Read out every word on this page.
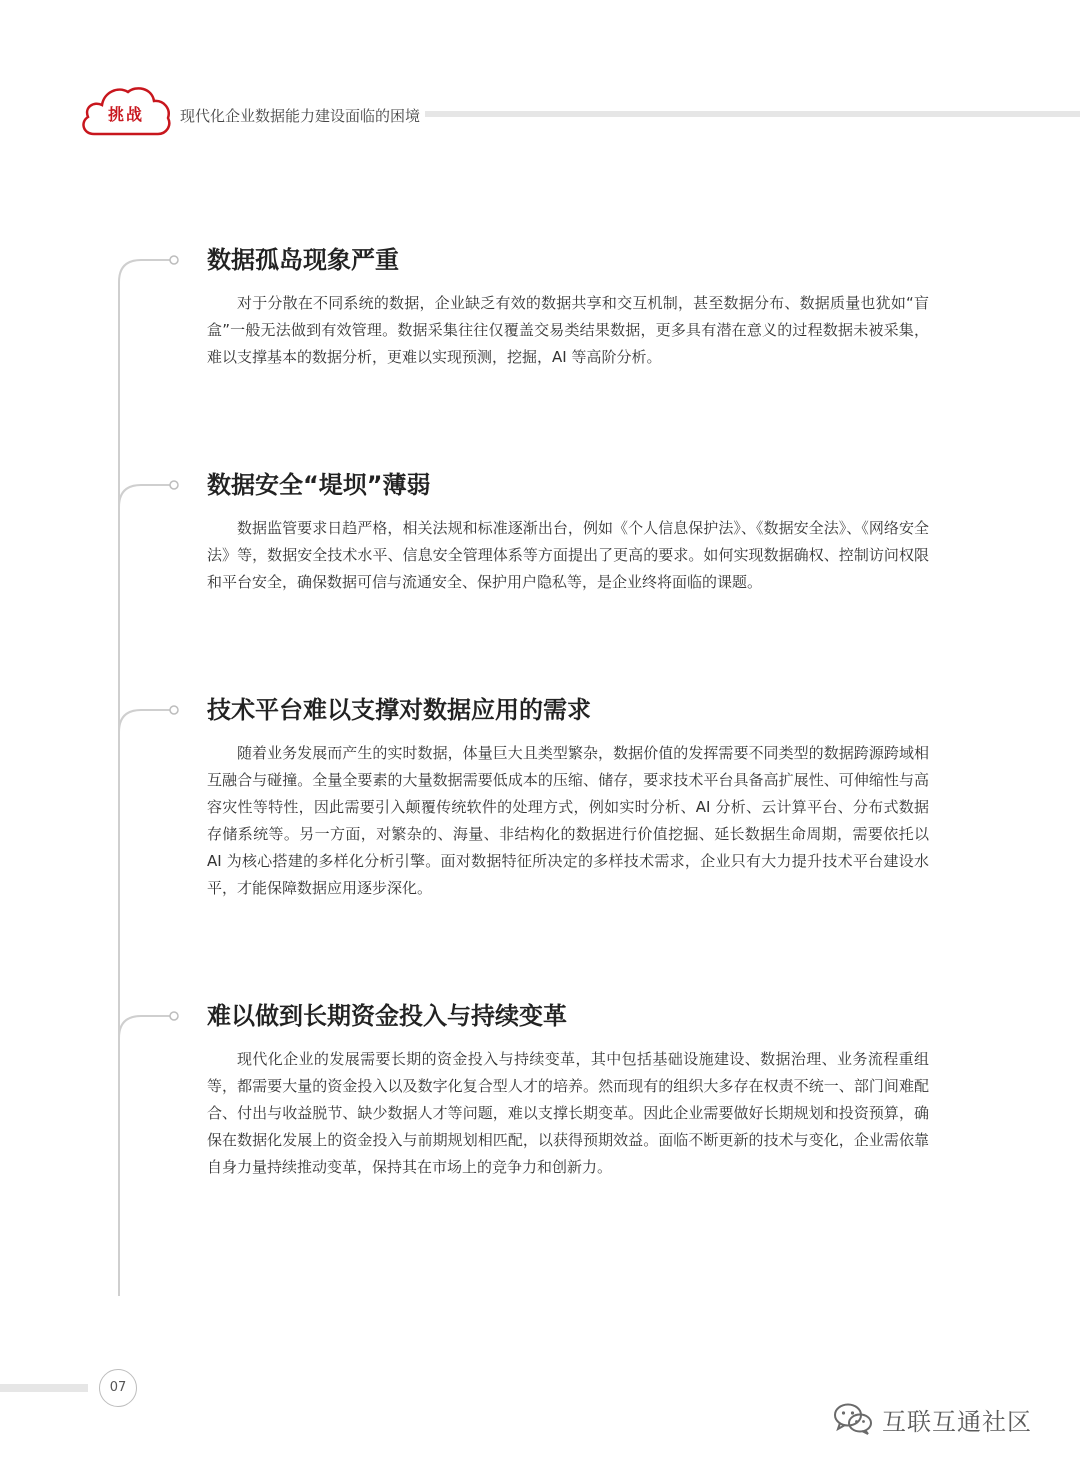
挑战	现代化企业数据能力建设面临的困境
数据孤岛现象严重

对于分散在不同系统的数据，企业缺乏有效的数据共享和交互机制，甚至数据分布、数据质量也犹如“盲盒”一般无法做到有效管理。数据采集往往仅覆盖交易类结果数据，更多具有潜在意义的过程数据未被采集，难以支撑基本的数据分析，更难以实现预测，挖掘，AI 等高阶分析。

数据安全“堤坝”薄弱

数据监管要求日趋严格，相关法规和标准逐渐出台，例如《个人信息保护法》、《数据安全法》、《网络安全法》等，数据安全技术水平、信息安全管理体系等方面提出了更高的要求。如何实现数据确权、控制访问权限和平台安全，确保数据可信与流通安全、保护用户隐私等，是企业终将面临的课题。

技术平台难以支撑对数据应用的需求

随着业务发展而产生的实时数据，体量巨大且类型繁杂，数据价值的发挥需要不同类型的数据跨源跨域相互融合与碰撞。全量全要素的大量数据需要低成本的压缩、储存，要求技术平台具备高扩展性、可伸缩性与高容灾性等特性，因此需要引入颠覆传统软件的处理方式，例如实时分析、AI 分析、云计算平台、分布式数据存储系统等。另一方面，对繁杂的、海量、非结构化的数据进行价值挖掘、延长数据生命周期，需要依托以 AI 为核心搭建的多样化分析引擎。面对数据特征所决定的多样技术需求，企业只有大力提升技术平台建设水平，才能保障数据应用逐步深化。

难以做到长期资金投入与持续变革

现代化企业的发展需要长期的资金投入与持续变革，其中包括基础设施建设、数据治理、业务流程重组等，都需要大量的资金投入以及数字化复合型人才的培养。然而现有的组织大多存在权责不统一、部门间难配合、付出与收益脱节、缺少数据人才等问题，难以支撑长期变革。因此企业需要做好长期规划和投资预算，确保在数据化发展上的资金投入与前期规划相匹配，以获得预期效益。面临不断更新的技术与变化，企业需依靠自身力量持续推动变革，保持其在市场上的竞争力和创新力。

07
互联互通社区
